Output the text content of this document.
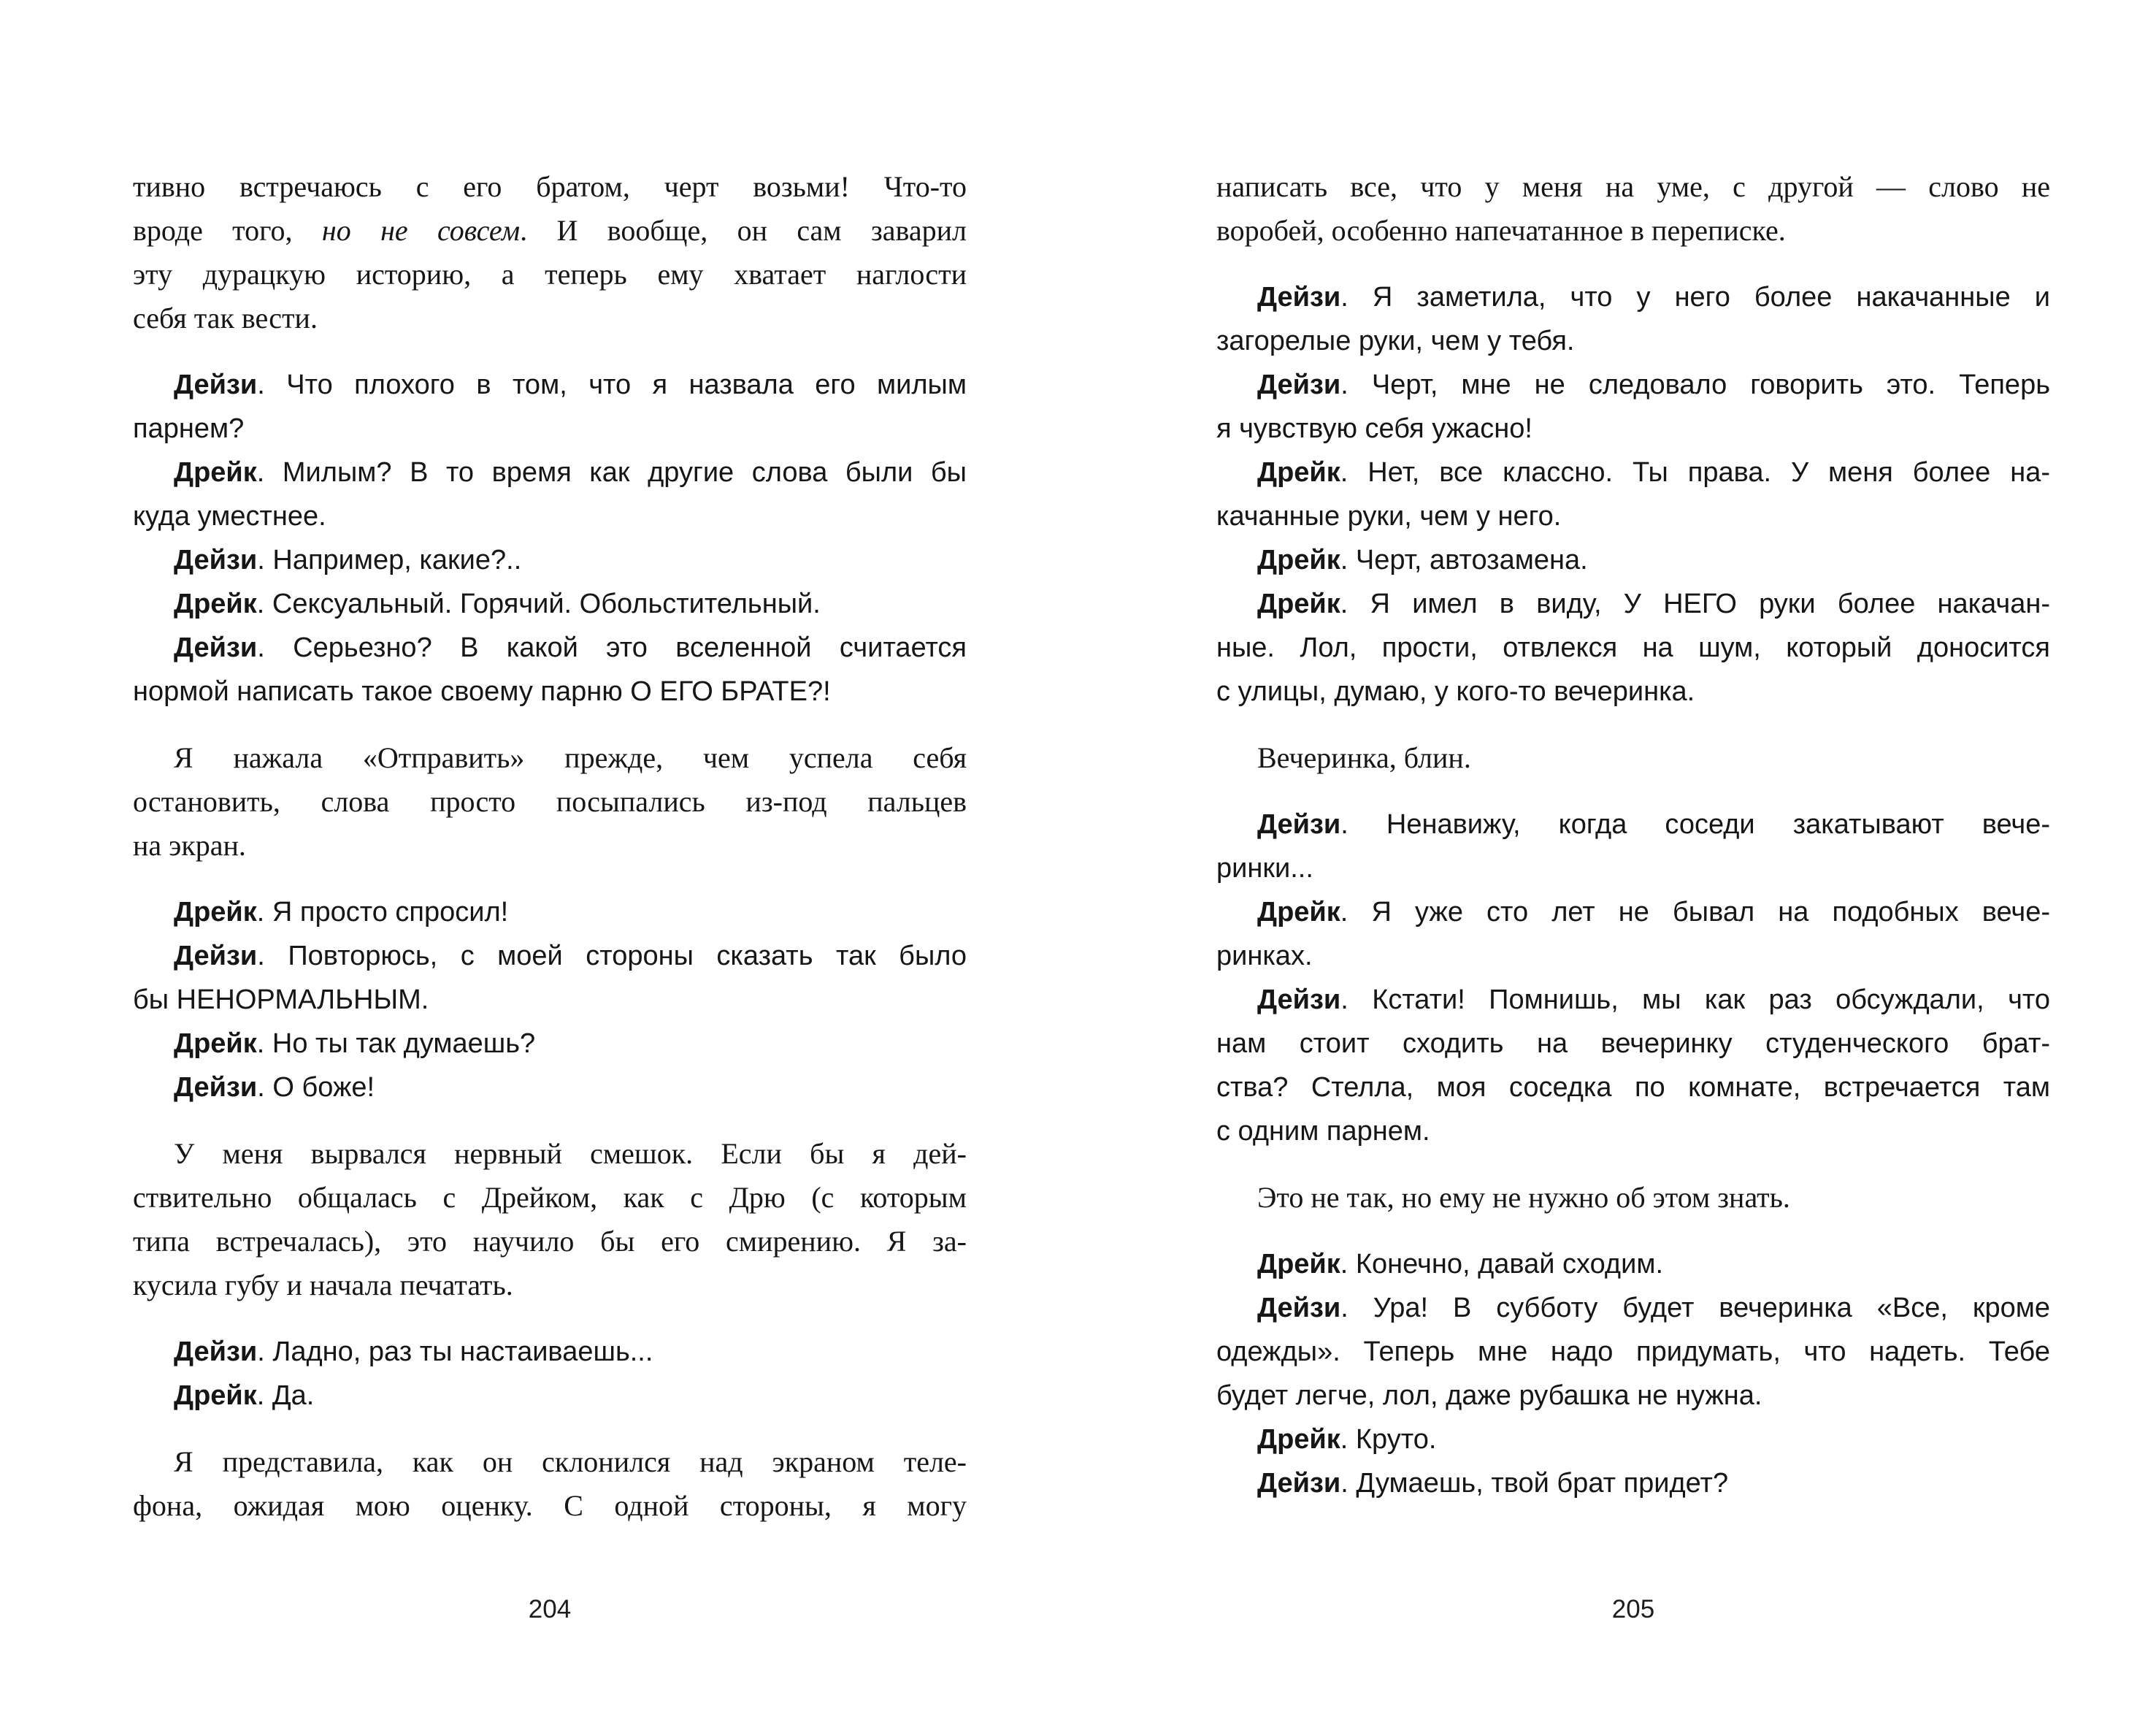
тивно встречаюсь с его братом, черт возьми! Что-то
вроде того, но не совсем. И вообще, он сам заварил
эту дурацкую историю, а теперь ему хватает наглости
себя так вести.

Дейзи. Что плохого в том, что я назвала его милым
парнем?

Дрейк. Милым? В то время как другие слова были бы
куда уместнее.

Дейзи. Например, какие?..

Дрейк. Сексуальный. Горячий. Обольстительный.

Дейзи. Серьезно? В какой это вселенной считается
нормой написать такое своему парню О ЕГО БРАТЕ?!

Я нажала «Отправить» прежде, чем успела себя
остановить, слова просто посыпались из-под пальцев
на экран.

Дрейк. Я просто спросил!

Дейзи. Повторюсь, с моей стороны сказать так было
бы НЕНОРМАЛЬНЫМ.

Дрейк. Но ты так думаешь?

Дейзи. О боже!

У меня вырвался нервный смешок. Если бы я дей-
ствительно общалась с Дрейком, как с Дрю (с которым
типа встречалась), это научило бы его смирению. Я за-
кусила губу и начала печатать.

Дейзи. Ладно, раз ты настаиваешь...

Дрейк. Да.

Я представила, как он склонился над экраном теле-
фона, ожидая мою оценку. С одной стороны, я могу

204

написать все, что у меня на уме, с другой — слово не
воробей, особенно напечатанное в переписке.

Дейзи. Я заметила, что у него более накачанные и
загорелые руки, чем у тебя.

Дейзи. Черт, мне не следовало говорить это. Теперь
я чувствую себя ужасно!

Дрейк. Нет, все классно. Ты права. У меня более на-
качанные руки, чем у него.

Дрейк. Черт, автозамена.

Дрейк. Я имел в виду, У НЕГО руки более накачан-
ные. Лол, прости, отвлекся на шум, который доносится
с улицы, думаю, у кого-то вечеринка.

Вечеринка, блин.

Дейзи. Ненавижу, когда соседи закатывают вече-
ринки...

Дрейк. Я уже сто лет не бывал на подобных вече-
ринках.

Дейзи. Кстати! Помнишь, мы как раз обсуждали, что
нам стоит сходить на вечеринку студенческого брат-
ства? Стелла, моя соседка по комнате, встречается там
с одним парнем.

Это не так, но ему не нужно об этом знать.

Дрейк. Конечно, давай сходим.

Дейзи. Ура! В субботу будет вечеринка «Все, кроме
одежды». Теперь мне надо придумать, что надеть. Тебе
будет легче, лол, даже рубашка не нужна.

Дрейк. Круто.

Дейзи. Думаешь, твой брат придет?

205
